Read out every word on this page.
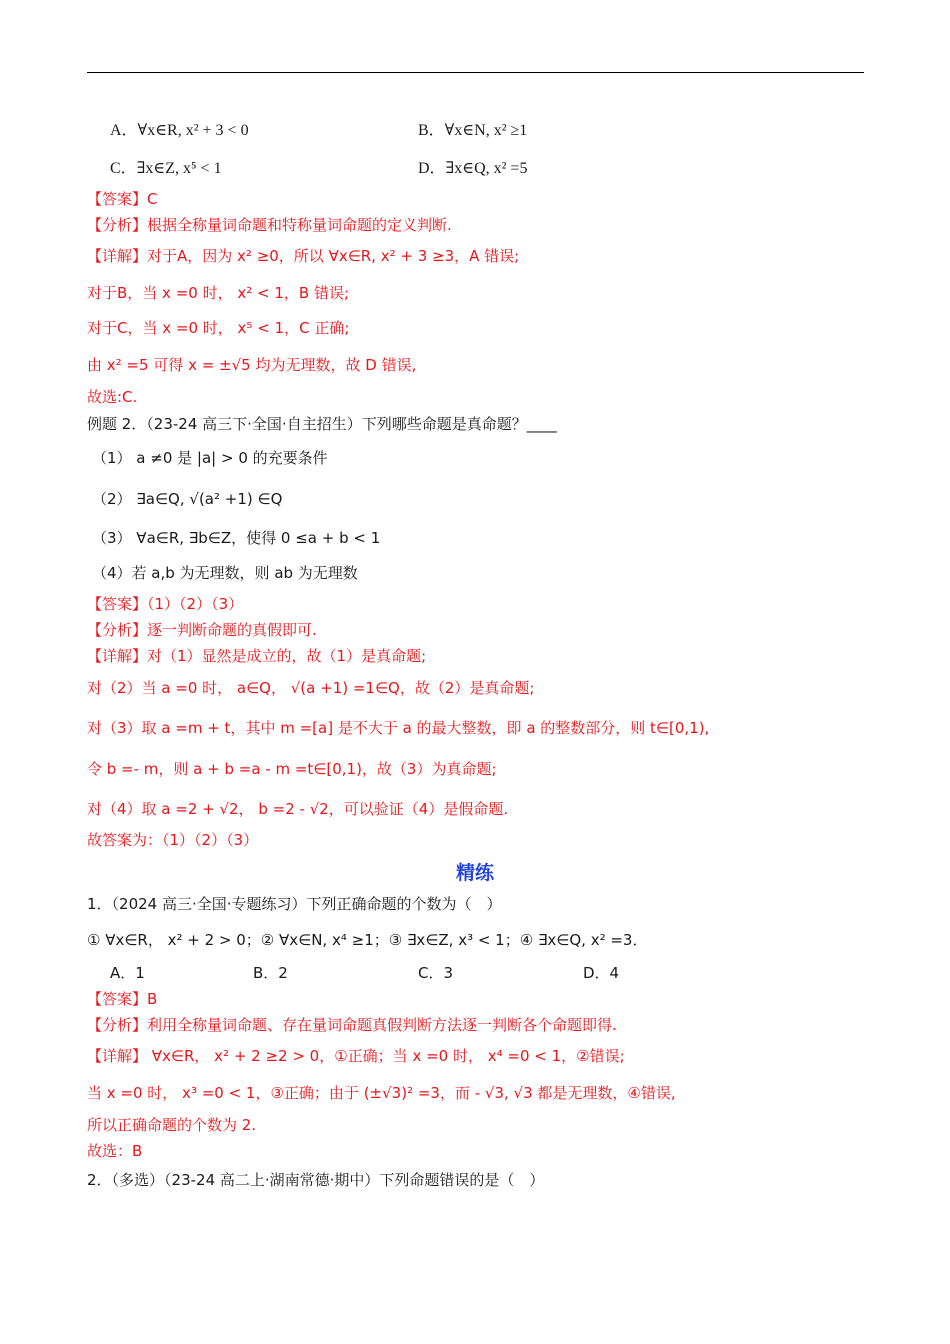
A．∀x∈R, x² + 3 < 0	B．∀x∈N, x² ≥1
C．∃x∈Z, x⁵ < 1	D．∃x∈Q, x² =5
【答案】C
【分析】根据全称量词命题和特称量词命题的定义判断.
【详解】对于A，因为 x² ≥0，所以 ∀x∈R, x² + 3 ≥3，A 错误;
对于B，当 x =0 时， x² < 1，B 错误;
对于C，当 x =0 时， x⁵ < 1，C 正确;
由 x² =5 可得 x = ±√5 均为无理数，故 D 错误,
故选:C.
例题 2．（23-24 高三下·全国·自主招生）下列哪些命题是真命题？____
（1） a ≠0 是 |a| > 0 的充要条件
（2） ∃a∈Q, √(a² +1) ∈Q
（3） ∀a∈R, ∃b∈Z，使得 0 ≤a + b < 1
（4）若 a,b 为无理数，则 ab 为无理数
【答案】（1）（2）（3）
【分析】逐一判断命题的真假即可.
【详解】对（1）显然是成立的，故（1）是真命题;
对（2）当 a =0 时， a∈Q， √(a +1) =1∈Q，故（2）是真命题;
对（3）取 a =m + t，其中 m =[a] 是不大于 a 的最大整数，即 a 的整数部分，则 t∈[0,1),
令 b =- m，则 a + b =a - m =t∈[0,1)，故（3）为真命题;
对（4）取 a =2 + √2， b =2 - √2，可以验证（4）是假命题.
故答案为：（1）（2）（3）
精练
1．（2024 高三·全国·专题练习）下列正确命题的个数为（　）
① ∀x∈R， x² + 2 > 0；② ∀x∈N, x⁴ ≥1；③ ∃x∈Z, x³ < 1；④ ∃x∈Q, x² =3．
A．1	B．2	C．3	D．4
【答案】B
【分析】利用全称量词命题、存在量词命题真假判断方法逐一判断各个命题即得.
【详解】 ∀x∈R， x² + 2 ≥2 > 0，①正确；当 x =0 时， x⁴ =0 < 1，②错误;
当 x =0 时， x³ =0 < 1，③正确；由于 (±√3)² =3，而 - √3, √3 都是无理数，④错误,
所以正确命题的个数为 2.
故选：B
2．（多选）（23-24 高二上·湖南常德·期中）下列命题错误的是（　）
